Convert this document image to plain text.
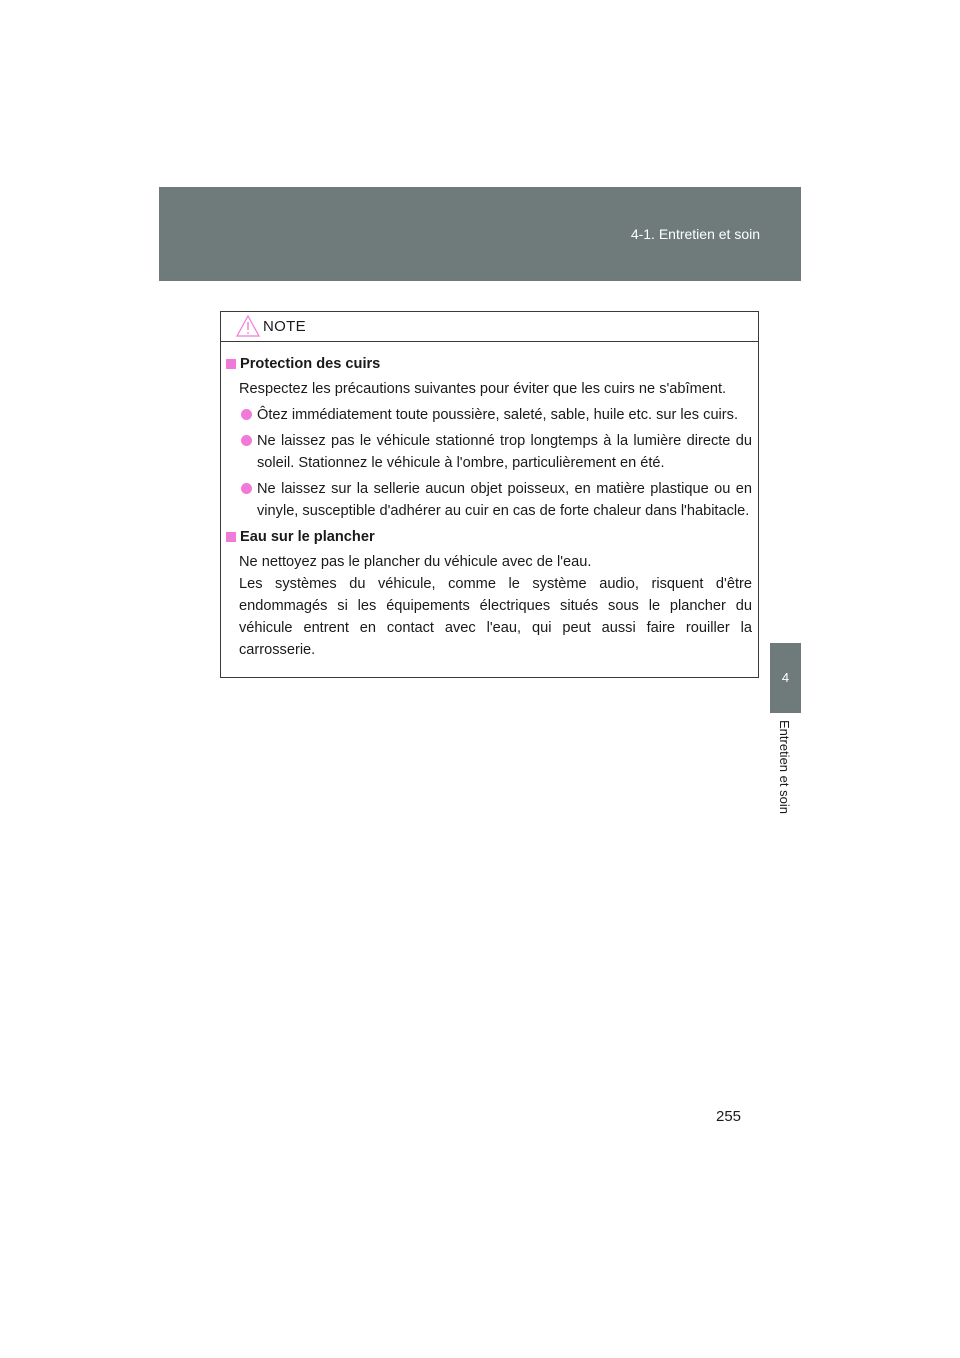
4-1. Entretien et soin
4
Entretien et soin
NOTE
Protection des cuirs
Respectez les précautions suivantes pour éviter que les cuirs ne s'abîment.
Ôtez immédiatement toute poussière, saleté, sable, huile etc. sur les cuirs.
Ne laissez pas le véhicule stationné trop longtemps à la lumière directe du soleil. Stationnez le véhicule à l'ombre, particulièrement en été.
Ne laissez sur la sellerie aucun objet poisseux, en matière plastique ou en vinyle, susceptible d'adhérer au cuir en cas de forte chaleur dans l'habitacle.
Eau sur le plancher
Ne nettoyez pas le plancher du véhicule avec de l'eau.
Les systèmes du véhicule, comme le système audio, risquent d'être endommagés si les équipements électriques situés sous le plancher du véhicule entrent en contact avec l'eau, qui peut aussi faire rouiller la carrosserie.
255
